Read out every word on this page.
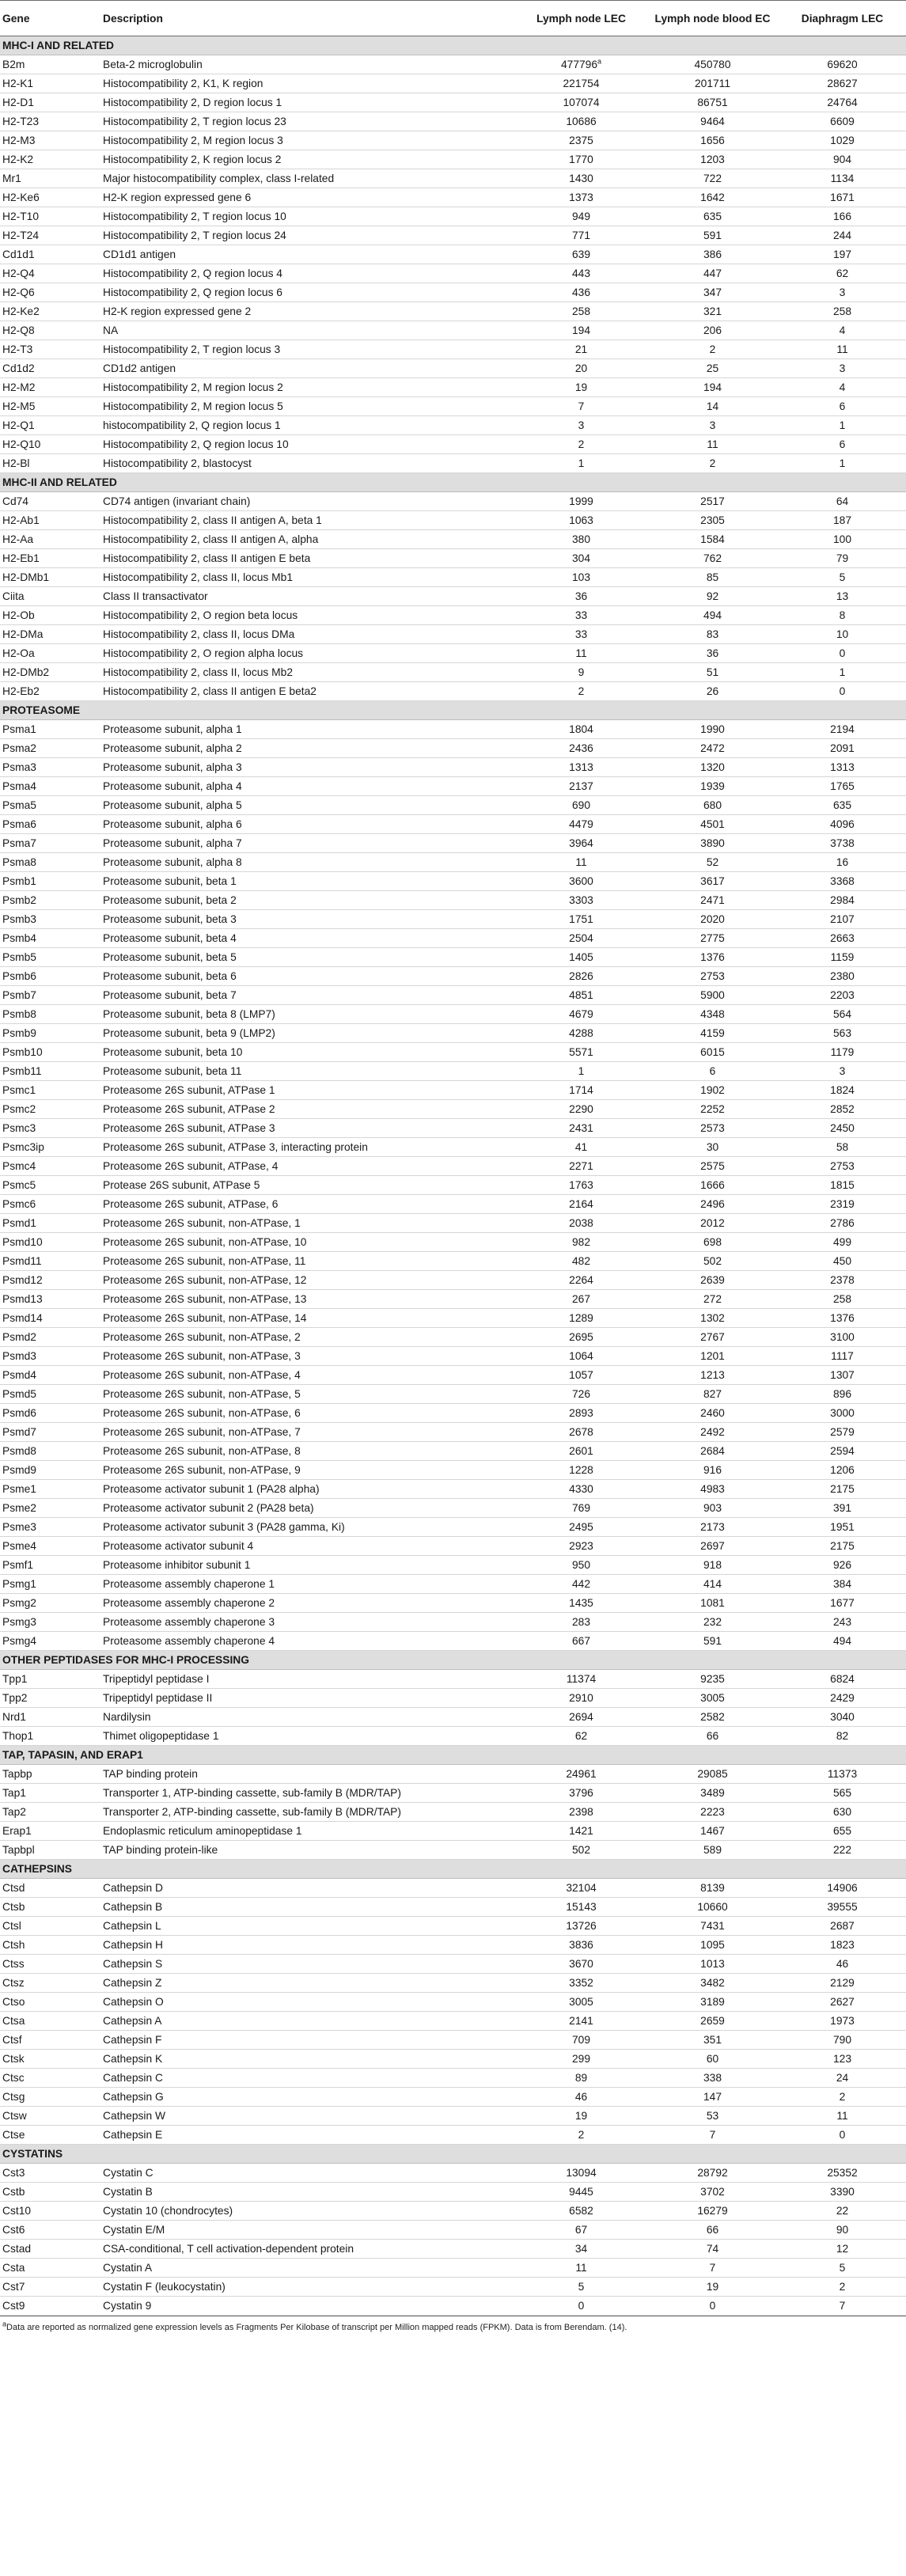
Gene	Description	Lymph node LEC	Lymph node blood EC	Diaphragm LEC
MHC-I AND RELATED				
B2m	Beta-2 microglobulin	477796$^a$	450780	69620
H2-K1	Histocompatibility 2, K1, K region	221754	201711	28627
H2-D1	Histocompatibility 2, D region locus 1	107074	86751	24764
H2-T23	Histocompatibility 2, T region locus 23	10686	9464	6609
H2-M3	Histocompatibility 2, M region locus 3	2375	1656	1029
H2-K2	Histocompatibility 2, K region locus 2	1770	1203	904
Mr1	Major histocompatibility complex, class I-related	1430	722	1134
H2-Ke6	H2-K region expressed gene 6	1373	1642	1671
H2-T10	Histocompatibility 2, T region locus 10	949	635	166
H2-T24	Histocompatibility 2, T region locus 24	771	591	244
Cd1d1	CD1d1 antigen	639	386	197
H2-Q4	Histocompatibility 2, Q region locus 4	443	447	62
H2-Q6	Histocompatibility 2, Q region locus 6	436	347	3
H2-Ke2	H2-K region expressed gene 2	258	321	258
H2-Q8	NA	194	206	4
H2-T3	Histocompatibility 2, T region locus 3	21	2	11
Cd1d2	CD1d2 antigen	20	25	3
H2-M2	Histocompatibility 2, M region locus 2	19	194	4
H2-M5	Histocompatibility 2, M region locus 5	7	14	6
H2-Q1	histocompatibility 2, Q region locus 1	3	3	1
H2-Q10	Histocompatibility 2, Q region locus 10	2	11	6
H2-Bl	Histocompatibility 2, blastocyst	1	2	1
MHC-II AND RELATED				
Cd74	CD74 antigen (invariant chain)	1999	2517	64
H2-Ab1	Histocompatibility 2, class II antigen A, beta 1	1063	2305	187
H2-Aa	Histocompatibility 2, class II antigen A, alpha	380	1584	100
H2-Eb1	Histocompatibility 2, class II antigen E beta	304	762	79
H2-DMb1	Histocompatibility 2, class II, locus Mb1	103	85	5
Ciita	Class II transactivator	36	92	13
H2-Ob	Histocompatibility 2, O region beta locus	33	494	8
H2-DMa	Histocompatibility 2, class II, locus DMa	33	83	10
H2-Oa	Histocompatibility 2, O region alpha locus	11	36	0
H2-DMb2	Histocompatibility 2, class II, locus Mb2	9	51	1
H2-Eb2	Histocompatibility 2, class II antigen E beta2	2	26	0
PROTEASOME				
Psma1	Proteasome subunit, alpha 1	1804	1990	2194
Psma2	Proteasome subunit, alpha 2	2436	2472	2091
Psma3	Proteasome subunit, alpha 3	1313	1320	1313
Psma4	Proteasome subunit, alpha 4	2137	1939	1765
Psma5	Proteasome subunit, alpha 5	690	680	635
Psma6	Proteasome subunit, alpha 6	4479	4501	4096
Psma7	Proteasome subunit, alpha 7	3964	3890	3738
Psma8	Proteasome subunit, alpha 8	11	52	16
Psmb1	Proteasome subunit, beta 1	3600	3617	3368
Psmb2	Proteasome subunit, beta 2	3303	2471	2984
Psmb3	Proteasome subunit, beta 3	1751	2020	2107
Psmb4	Proteasome subunit, beta 4	2504	2775	2663
Psmb5	Proteasome subunit, beta 5	1405	1376	1159
Psmb6	Proteasome subunit, beta 6	2826	2753	2380
Psmb7	Proteasome subunit, beta 7	4851	5900	2203
Psmb8	Proteasome subunit, beta 8 (LMP7)	4679	4348	564
Psmb9	Proteasome subunit, beta 9 (LMP2)	4288	4159	563
Psmb10	Proteasome subunit, beta 10	5571	6015	1179
Psmb11	Proteasome subunit, beta 11	1	6	3
Psmc1	Proteasome 26S subunit, ATPase 1	1714	1902	1824
Psmc2	Proteasome 26S subunit, ATPase 2	2290	2252	2852
Psmc3	Proteasome 26S subunit, ATPase 3	2431	2573	2450
Psmc3ip	Proteasome 26S subunit, ATPase 3, interacting protein	41	30	58
Psmc4	Proteasome 26S subunit, ATPase, 4	2271	2575	2753
Psmc5	Protease 26S subunit, ATPase 5	1763	1666	1815
Psmc6	Proteasome 26S subunit, ATPase, 6	2164	2496	2319
Psmd1	Proteasome 26S subunit, non-ATPase, 1	2038	2012	2786
Psmd10	Proteasome 26S subunit, non-ATPase, 10	982	698	499
Psmd11	Proteasome 26S subunit, non-ATPase, 11	482	502	450
Psmd12	Proteasome 26S subunit, non-ATPase, 12	2264	2639	2378
Psmd13	Proteasome 26S subunit, non-ATPase, 13	267	272	258
Psmd14	Proteasome 26S subunit, non-ATPase, 14	1289	1302	1376
Psmd2	Proteasome 26S subunit, non-ATPase, 2	2695	2767	3100
Psmd3	Proteasome 26S subunit, non-ATPase, 3	1064	1201	1117
Psmd4	Proteasome 26S subunit, non-ATPase, 4	1057	1213	1307
Psmd5	Proteasome 26S subunit, non-ATPase, 5	726	827	896
Psmd6	Proteasome 26S subunit, non-ATPase, 6	2893	2460	3000
Psmd7	Proteasome 26S subunit, non-ATPase, 7	2678	2492	2579
Psmd8	Proteasome 26S subunit, non-ATPase, 8	2601	2684	2594
Psmd9	Proteasome 26S subunit, non-ATPase, 9	1228	916	1206
Psme1	Proteasome activator subunit 1 (PA28 alpha)	4330	4983	2175
Psme2	Proteasome activator subunit 2 (PA28 beta)	769	903	391
Psme3	Proteasome activator subunit 3 (PA28 gamma, Ki)	2495	2173	1951
Psme4	Proteasome activator subunit 4	2923	2697	2175
Psmf1	Proteasome inhibitor subunit 1	950	918	926
Psmg1	Proteasome assembly chaperone 1	442	414	384
Psmg2	Proteasome assembly chaperone 2	1435	1081	1677
Psmg3	Proteasome assembly chaperone 3	283	232	243
Psmg4	Proteasome assembly chaperone 4	667	591	494
OTHER PEPTIDASES FOR MHC-I PROCESSING				
Tpp1	Tripeptidyl peptidase I	11374	9235	6824
Tpp2	Tripeptidyl peptidase II	2910	3005	2429
Nrd1	Nardilysin	2694	2582	3040
Thop1	Thimet oligopeptidase 1	62	66	82
TAP, TAPASIN, AND ERAP1				
Tapbp	TAP binding protein	24961	29085	11373
Tap1	Transporter 1, ATP-binding cassette, sub-family B (MDR/TAP)	3796	3489	565
Tap2	Transporter 2, ATP-binding cassette, sub-family B (MDR/TAP)	2398	2223	630
Erap1	Endoplasmic reticulum aminopeptidase 1	1421	1467	655
Tapbpl	TAP binding protein-like	502	589	222
CATHEPSINS				
Ctsd	Cathepsin D	32104	8139	14906
Ctsb	Cathepsin B	15143	10660	39555
Ctsl	Cathepsin L	13726	7431	2687
Ctsh	Cathepsin H	3836	1095	1823
Ctss	Cathepsin S	3670	1013	46
Ctsz	Cathepsin Z	3352	3482	2129
Ctso	Cathepsin O	3005	3189	2627
Ctsa	Cathepsin A	2141	2659	1973
Ctsf	Cathepsin F	709	351	790
Ctsk	Cathepsin K	299	60	123
Ctsc	Cathepsin C	89	338	24
Ctsg	Cathepsin G	46	147	2
Ctsw	Cathepsin W	19	53	11
Ctse	Cathepsin E	2	7	0
CYSTATINS				
Cst3	Cystatin C	13094	28792	25352
Cstb	Cystatin B	9445	3702	3390
Cst10	Cystatin 10 (chondrocytes)	6582	16279	22
Cst6	Cystatin E/M	67	66	90
Cstad	CSA-conditional, T cell activation-dependent protein	34	74	12
Csta	Cystatin A	11	7	5
Cst7	Cystatin F (leukocystatin)	5	19	2
Cst9	Cystatin 9	0	0	7
$^a$Data are reported as normalized gene expression levels as Fragments Per Kilobase of transcript per Million mapped reads (FPKM). Data is from Berendam. (14).
